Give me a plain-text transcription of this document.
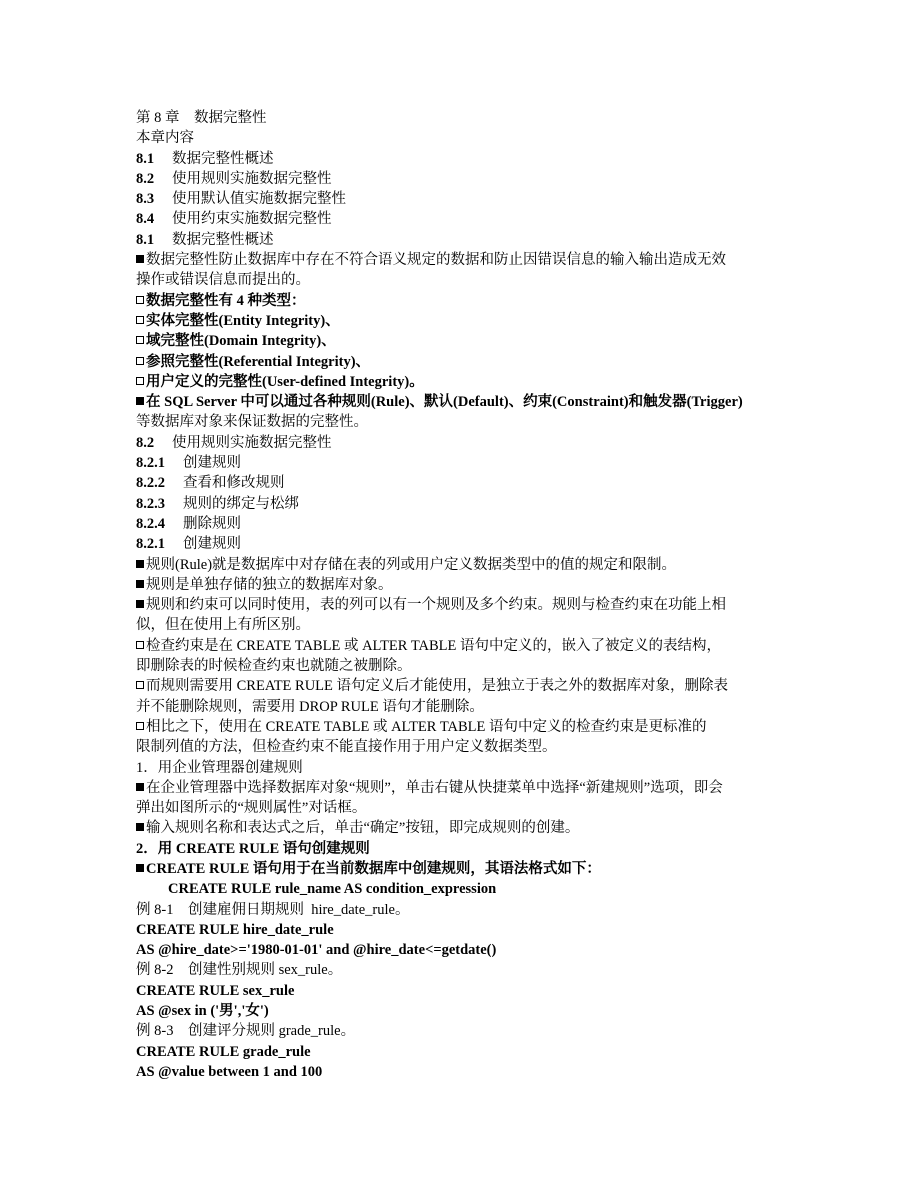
第 8 章　数据完整性
本章内容
8.1 数据完整性概述
8.2 使用规则实施数据完整性
8.3 使用默认值实施数据完整性
8.4 使用约束实施数据完整性
8.1 数据完整性概述
数据完整性防止数据库中存在不符合语义规定的数据和防止因错误信息的输入输出造成无效
操作或错误信息而提出的。
数据完整性有 4 种类型：
实体完整性(Entity Integrity)、
域完整性(Domain Integrity)、
参照完整性(Referential Integrity)、
用户定义的完整性(User-defined Integrity)。
在 SQL Server 中可以通过各种规则(Rule)、默认(Default)、约束(Constraint)和触发器(Trigger)
等数据库对象来保证数据的完整性。
8.2 使用规则实施数据完整性
8.2.1 创建规则
8.2.2 查看和修改规则
8.2.3 规则的绑定与松绑
8.2.4 删除规则
8.2.1 创建规则
规则(Rule)就是数据库中对存储在表的列或用户定义数据类型中的值的规定和限制。
规则是单独存储的独立的数据库对象。
规则和约束可以同时使用，表的列可以有一个规则及多个约束。规则与检查约束在功能上相
似，但在使用上有所区别。
检查约束是在 CREATE TABLE 或 ALTER TABLE 语句中定义的，嵌入了被定义的表结构，
即删除表的时候检查约束也就随之被删除。
而规则需要用 CREATE RULE 语句定义后才能使用，是独立于表之外的数据库对象，删除表
并不能删除规则，需要用 DROP RULE 语句才能删除。
相比之下，使用在 CREATE TABLE 或 ALTER TABLE 语句中定义的检查约束是更标准的
限制列值的方法，但检查约束不能直接作用于用户定义数据类型。
1．用企业管理器创建规则
在企业管理器中选择数据库对象“规则”，单击右键从快捷菜单中选择“新建规则”选项，即会
弹出如图所示的“规则属性”对话框。
输入规则名称和表达式之后，单击“确定”按钮，即完成规则的创建。
2．用 CREATE RULE 语句创建规则
CREATE RULE 语句用于在当前数据库中创建规则，其语法格式如下：
CREATE RULE rule_name AS condition_expression
例 8-1　创建雇佣日期规则  hire_date_rule。
CREATE RULE hire_date_rule
AS @hire_date>='1980-01-01' and @hire_date<=getdate()
例 8-2　创建性别规则 sex_rule。
CREATE RULE sex_rule
AS @sex in ('男','女')
例 8-3　创建评分规则 grade_rule。
CREATE RULE grade_rule
AS @value between 1 and 100
